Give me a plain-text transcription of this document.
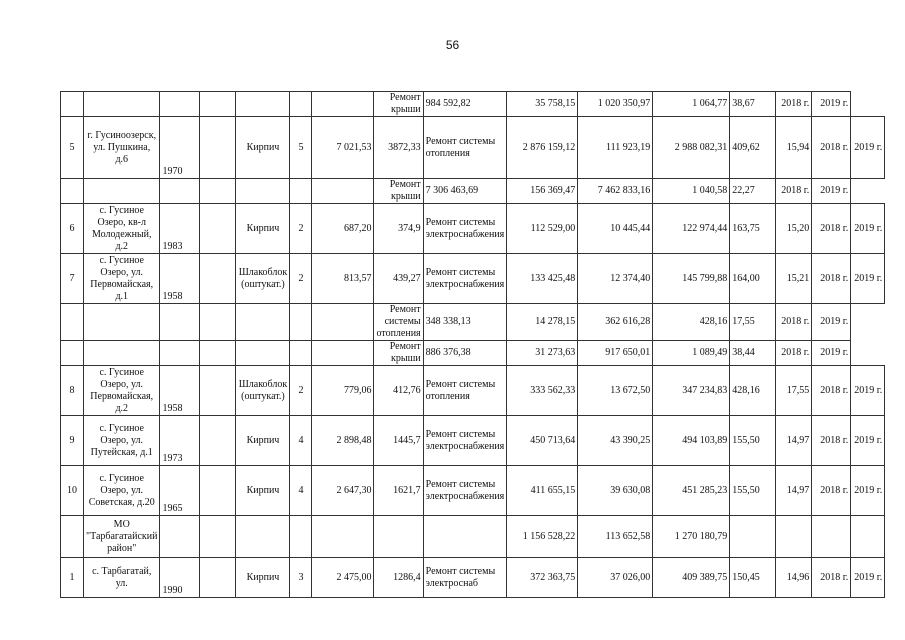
56
							Ремонт крыши	984 592,82	35 758,15	1 020 350,97	1 064,77	38,67	2018 г.	2019 г.	
5	г. Гусиноозерск, ул. Пушкина, д.6	1970		Кирпич	5	7 021,53	3872,33	Ремонт системы отопления	2 876 159,12	111 923,19	2 988 082,31	409,62	15,94	2018 г.	2019 г.
							Ремонт крыши	7 306 463,69	156 369,47	7 462 833,16	1 040,58	22,27	2018 г.	2019 г.	
6	с. Гусиное Озеро, кв-л Молодежный, д.2	1983		Кирпич	2	687,20	374,9	Ремонт системы электроснабжения	112 529,00	10 445,44	122 974,44	163,75	15,20	2018 г.	2019 г.
7	с. Гусиное Озеро, ул. Первомайская, д.1	1958		Шлакоблок (оштукат.)	2	813,57	439,27	Ремонт системы электроснабжения	133 425,48	12 374,40	145 799,88	164,00	15,21	2018 г.	2019 г.
							Ремонт системы отопления	348 338,13	14 278,15	362 616,28	428,16	17,55	2018 г.	2019 г.	
							Ремонт крыши	886 376,38	31 273,63	917 650,01	1 089,49	38,44	2018 г.	2019 г.	
8	с. Гусиное Озеро, ул. Первомайская, д.2	1958		Шлакоблок (оштукат.)	2	779,06	412,76	Ремонт системы отопления	333 562,33	13 672,50	347 234,83	428,16	17,55	2018 г.	2019 г.
9	с. Гусиное Озеро, ул. Путейская, д.1	1973		Кирпич	4	2 898,48	1445,7	Ремонт системы электроснабжения	450 713,64	43 390,25	494 103,89	155,50	14,97	2018 г.	2019 г.
10	с. Гусиное Озеро, ул. Советская, д.20	1965		Кирпич	4	2 647,30	1621,7	Ремонт системы электроснабжения	411 655,15	39 630,08	451 285,23	155,50	14,97	2018 г.	2019 г.
	МО "Тарбагатайский район"								1 156 528,22	113 652,58	1 270 180,79				
1	с. Тарбагатай, ул.	1990		Кирпич	3	2 475,00	1286,4	Ремонт системы электроснаб	372 363,75	37 026,00	409 389,75	150,45	14,96	2018 г.	2019 г.
